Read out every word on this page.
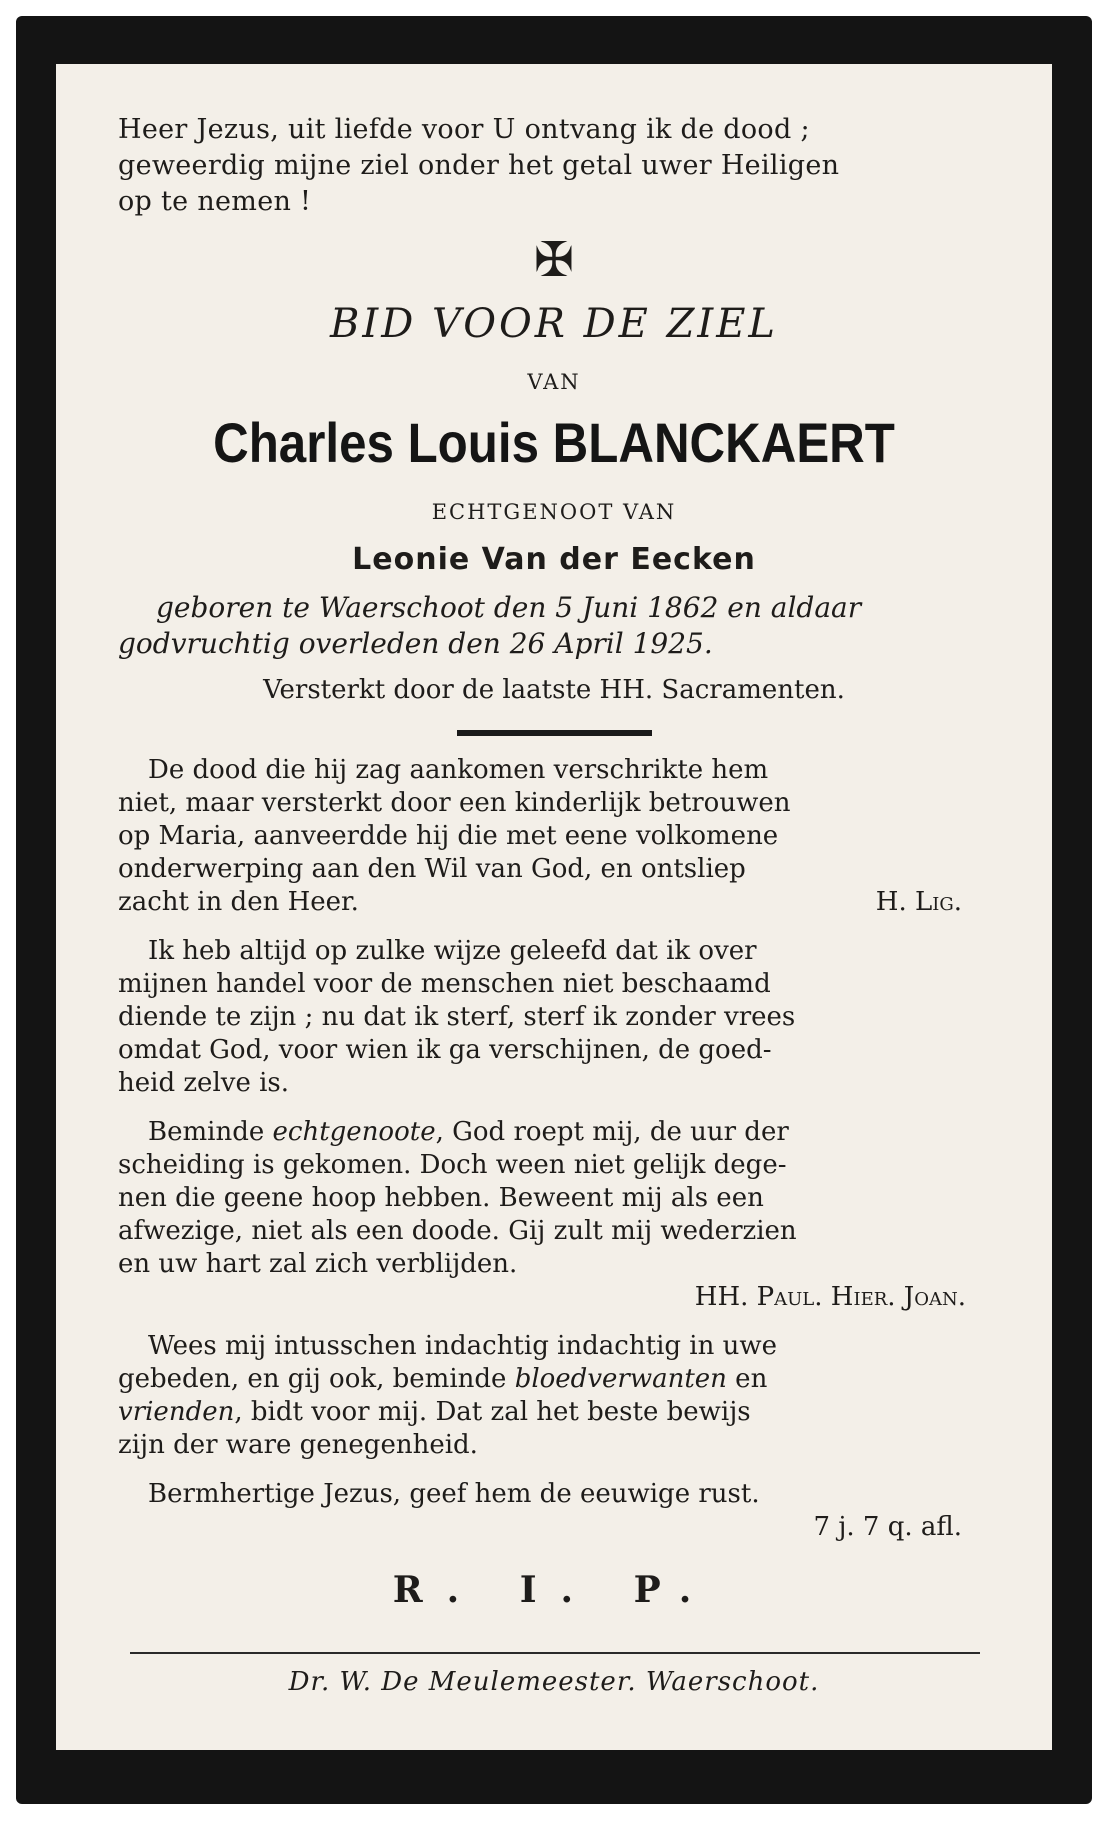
Heer Jezus, uit liefde voor U ontvang ik de dood ;
geweerdig mijne ziel onder het getal uwer Heiligen
op te nemen !

✠
BID VOOR DE ZIEL
VAN
Charles Louis BLANCKAERT
ECHTGENOOT VAN
Leonie Van der Eecken
geboren te Waerschoot den 5 Juni 1862 en aldaar
godvruchtig overleden den 26 April 1925.
Versterkt door de laatste HH. Sacramenten.

De dood die hij zag aankomen verschrikte hem
niet, maar versterkt door een kinderlijk betrouwen
op Maria, aanveerdde hij die met eene volkomene
onderwerping aan den Wil van God, en ontsliep
zacht in den Heer.	H. Lig.

Ik heb altijd op zulke wijze geleefd dat ik over
mijnen handel voor de menschen niet beschaamd
diende te zijn ; nu dat ik sterf, sterf ik zonder vrees
omdat God, voor wien ik ga verschijnen, de goed-
heid zelve is.

Beminde echtgenoote, God roept mij, de uur der
scheiding is gekomen. Doch ween niet gelijk dege-
nen die geene hoop hebben. Beweent mij als een
afwezige, niet als een doode. Gij zult mij wederzien
en uw hart zal zich verblijden.
HH. Paul. Hier. Joan.

Wees mij intusschen indachtig indachtig in uwe
gebeden, en gij ook, beminde bloedverwanten en
vrienden, bidt voor mij. Dat zal het beste bewijs
zijn der ware genegenheid.

Bermhertige Jezus, geef hem de eeuwige rust.
7 j. 7 q. afl.

R. I. P.
Dr. W. De Meulemeester. Waerschoot.
